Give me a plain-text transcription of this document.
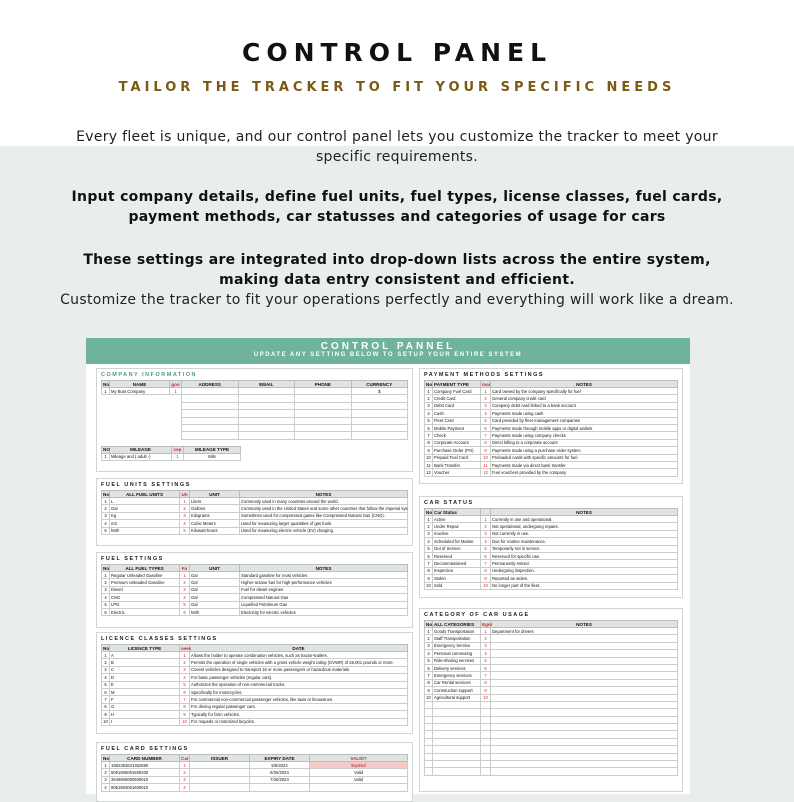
CONTROL PANEL
TAILOR THE TRACKER TO FIT YOUR SPECIFIC NEEDS
Every fleet is unique, and our control panel lets you customize the tracker to meet your specific requirements.
Input company details, define fuel units, fuel types, license classes, fuel cards, payment methods, car statusses and categories of usage for cars
These settings are integrated into drop-down lists across the entire system, making data entry consistent and efficient.
Customize the tracker to fit your operations perfectly and everything will work like a dream.
CONTROL PANNEL
UPDATE ANY SETTING BELOW TO SETUP YOUR ENTIRE SYSTEM
COMPANY INFORMATION
No	NAME	goo	ADDRESS	EMAIL	PHONE	CURRENCY
1	My Bust Company	1				$

NO	MILEAGE	cep	MILEAGE TYPE
1	Mileage and ( adult -)	1	Mils
FUEL UNITS SETTINGS
No	ALL FUEL UNITS	Un	UNIT	NOTES
1	L	1	Liters	Commonly used in many countries around the world.
2	Gal	2	Gallons	Commonly used in the United States and some other countries that follow the imperial sys
3	Kg	3	Kilograms	Sometimes used for compressed gases like Compressed Natural Gas (CNG).
4	m3	4	Cubic Meters	Used for measuring larger quantities of gas fuels.
5	kWh	5	Kilowatt-hours	Used for measuring electric vehicle (EV) charging.
FUEL SETTINGS
No	ALL FUEL TYPES	Fu	UNIT	NOTES
1	Regular Unleaded Gasoline	1	Gal	Standard gasoline for most vehicles
2	Premium Unleaded Gasoline	2	Gal	Higher-octane fuel for high-performance vehicles
3	Diesel	3	Gal	Fuel for diesel engines
4	CNG	4	Gal	Compressed Natural Gas
5	LPG	5	Gal	Liquefied Petroleum Gas
6	Electric	6	kWh	Electricity for electric vehicles
LICENCE CLASSES SETTINGS
No	LICENCE TYPE	sees	DATE
1	A	1	Allows the holder to operate combination vehicles, such as tractor-trailers.
2	B	2	Permits the operation of single vehicles with a gross vehicle weight rating (GVWR) of 26,001 pounds or more.
3	C	3	Covers vehicles designed to transport 16 or more passengers or hazardous materials.
4	D	4	For basic passenger vehicles (regular cars).
5	E	5	Authorizes the operation of non-commercial trucks.
6	M	6	Specifically for motorcycles.
7	F	7	For commercial non-commercial passenger vehicles, like taxis or limousines.
8	G	8	For driving regular passenger cars.
9	H	9	Typically for farm vehicles.
10	I	10	For mopeds or motorized bicycles.
FUEL CARD SETTINGS
No	CARD NUMBER	Car	ISSUER	EXPIRY DATE	VALID?
1	1582354631362680	1		5/5/2024	Expired
2	5061605061508330	2		6/25/2024	Valid
3	3546605060508010	3		7/30/2024	Valid
4	8061603061608010	4			
PAYMENT METHODS SETTINGS
No	PAYMENT TYPE	mar	NOTES
1	Company Fuel Card	1	Card owned by the company specifically for fuel
2	Credit Card	2	General company credit card
3	Debit Card	3	Company debit card linked to a bank account
4	Cash	4	Payments made using cash
5	Fleet Card	5	Card provided by fleet management companies
6	Mobile Payment	6	Payments made through mobile apps or digital wallets
7	Check	7	Payments made using company checks
8	Corporate Account	8	Direct billing to a corporate account
9	Purchase Order (PO)	9	Payments made using a purchase order system
10	Prepaid Fuel Card	10	Preloaded cards with specific amounts for fuel
11	Bank Transfer	11	Payments made via direct bank transfer
12	Voucher	12	Fuel vouchers provided by the company
CAR STATUS
No	Car Status		NOTES
1	Active	1	Currently in use and operational.
2	Under Repair	2	Not operational, undergoing repairs.
3	Inactive	3	Not currently in use.
4	Scheduled for Mainte	4	Due for routine maintenance.
5	Out of Service	5	Temporarily not in service.
6	Reserved	6	Reserved for specific use.
7	Decommissioned	7	Permanently retired.
8	Inspection	8	Undergoing inspection.
9	Stolen	9	Reported as stolen.
10	Sold	10	No longer part of the fleet.
CATEGORY OF CAR USAGE
No	ALL CATEGORIES	Egor	NOTES
1	Goods Transportation	1	Department for drivers
2	Staff Transportation	2	
3	Emergency Service	3	
4	Personal commuting	4	
5	Ride-sharing services	5	
6	Delivery services	6	
7	Emergency services	7	
8	Car Rental services	8	
9	Construction support	9	
10	Agricultural support	10	
